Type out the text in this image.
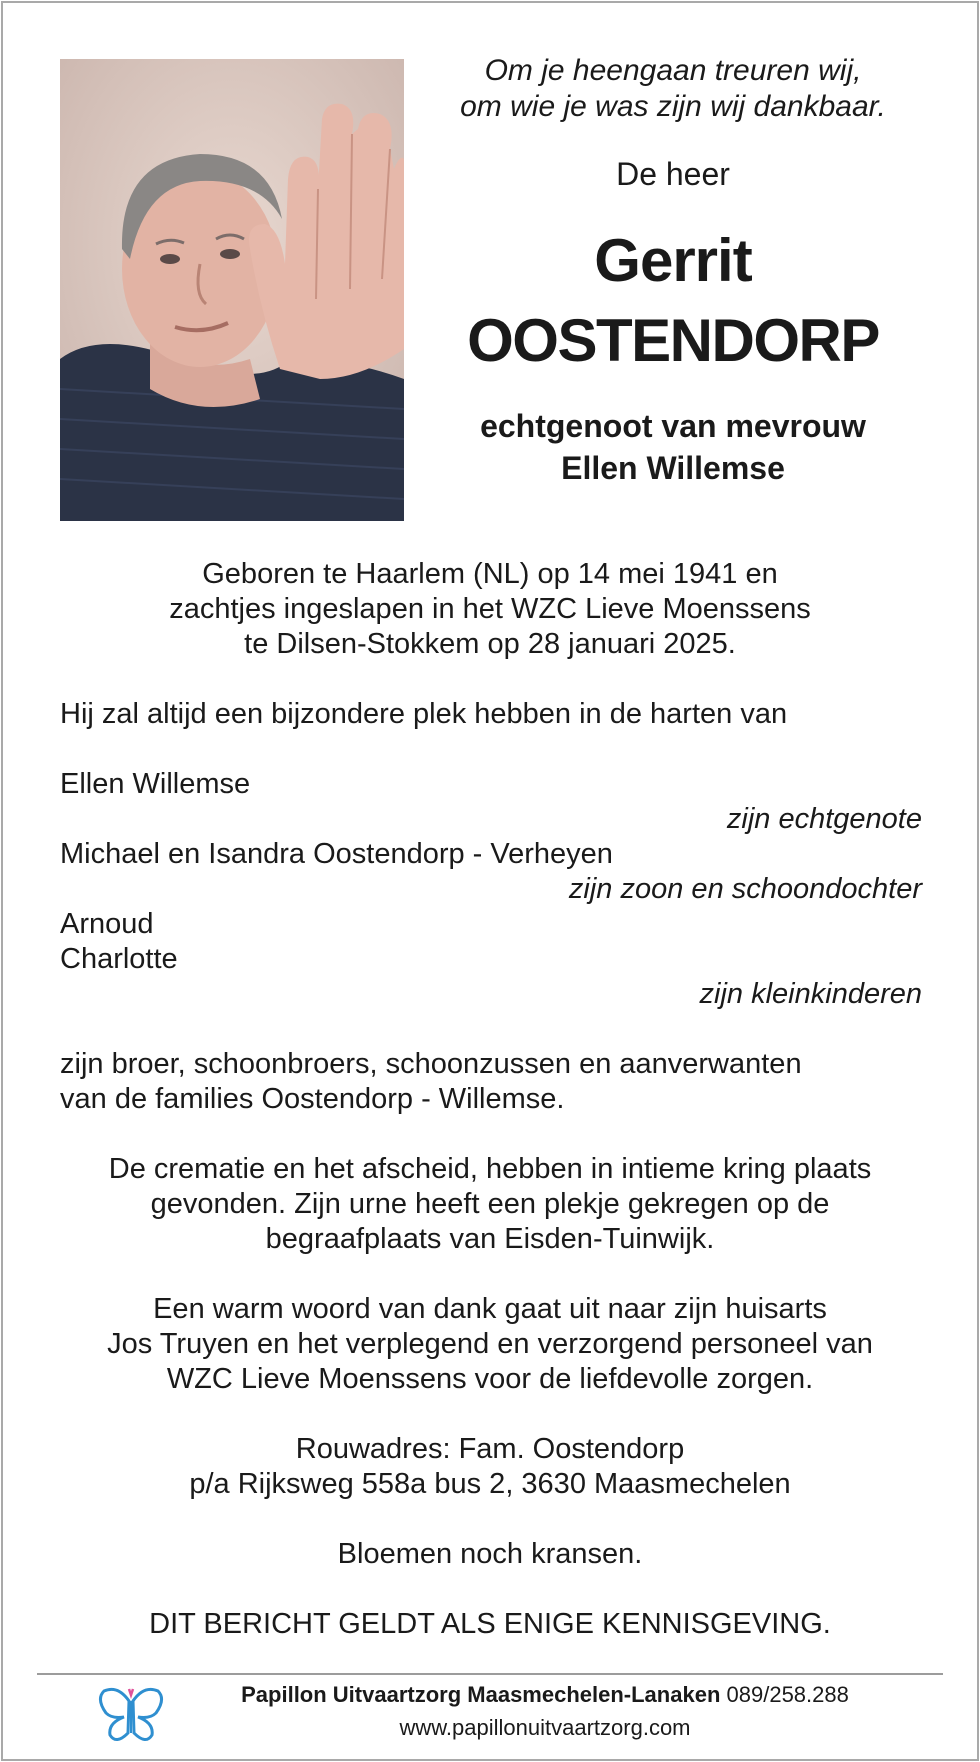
Om je heengaan treuren wij,
om wie je was zijn wij dankbaar.
De heer
Gerrit
OOSTENDORP
echtgenoot van mevrouw
Ellen Willemse
Geboren te Haarlem (NL) op 14 mei 1941 en
zachtjes ingeslapen in het WZC Lieve Moenssens
te Dilsen-Stokkem op 28 januari 2025.
Hij zal altijd een bijzondere plek hebben in de harten van
Ellen Willemse
zijn echtgenote
Michael en Isandra Oostendorp - Verheyen
zijn zoon en schoondochter
Arnoud
Charlotte
zijn kleinkinderen
zijn broer, schoonbroers, schoonzussen en aanverwanten
van de families Oostendorp - Willemse.
De crematie en het afscheid, hebben in intieme kring plaats
gevonden. Zijn urne heeft een plekje gekregen op de
begraafplaats van Eisden-Tuinwijk.
Een warm woord van dank gaat uit naar zijn huisarts
Jos Truyen en het verplegend en verzorgend personeel van
WZC Lieve Moenssens voor de liefdevolle zorgen.
Rouwadres: Fam. Oostendorp
p/a Rijksweg 558a bus 2, 3630 Maasmechelen
Bloemen noch kransen.
DIT BERICHT GELDT ALS ENIGE KENNISGEVING.
Papillon Uitvaartzorg Maasmechelen-Lanaken 089/258.288
www.papillonuitvaartzorg.com
